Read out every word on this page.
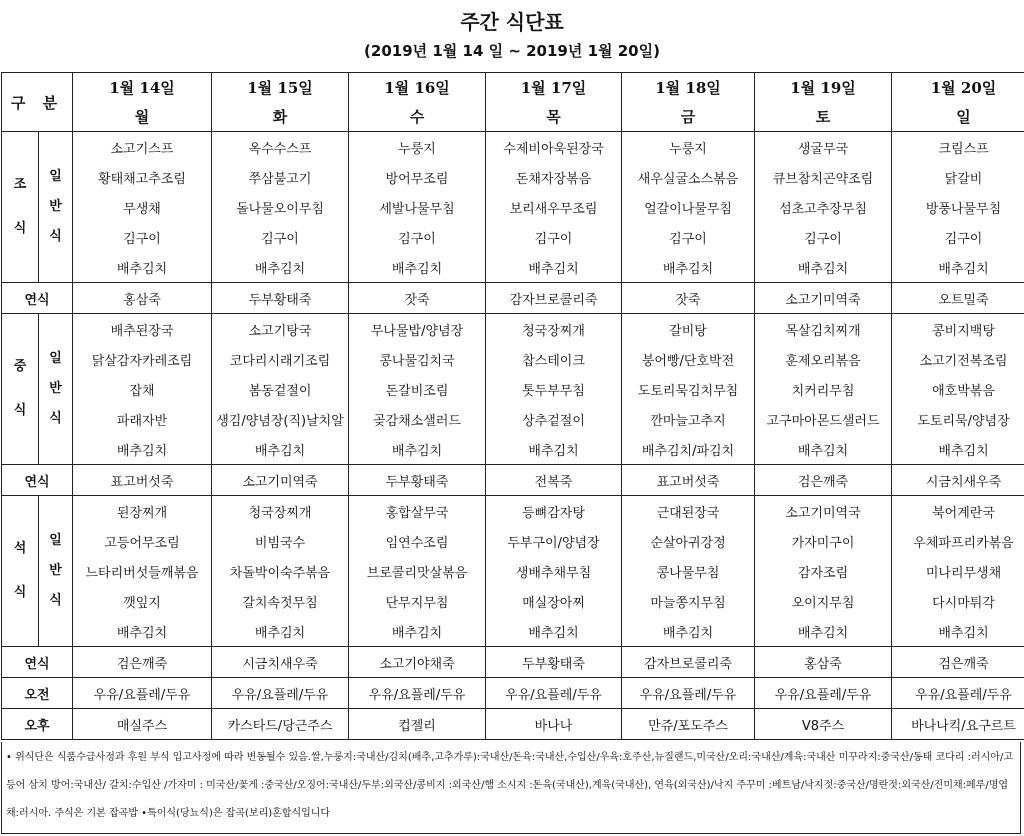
주간 식단표
(2019년 1월 14 일 ~ 2019년 1월 20일)
구 분		1월 14일	1월 15일	1월 16일	1월 17일	1월 18일	1월 19일	1월 20일
		월	화	수	목	금	토	일
조
식	일
반
식	소고기스프	옥수수스프	누룽지	수제비아욱된장국	누룽지	생굴무국	크림스프
		황태채고추조림	쭈삼불고기	방어무조림	돈채자장볶음	새우실굴소스볶음	큐브참치곤약조림	닭갈비
		무생채	돌나물오이무침	세발나물무침	보리새우무조림	얼갈이나물무침	섬초고추장무침	방풍나물무침
		김구이	김구이	김구이	김구이	김구이	김구이	김구이
		배추김치	배추김치	배추김치	배추김치	배추김치	배추김치	배추김치
연식		홍삼죽	두부황태죽	잣죽	감자브로콜리죽	잣죽	소고기미역죽	오트밀죽
중
식	일
반
식	배추된장국	소고기탕국	무나물밥/양념장	청국장찌개	갈비탕	목살김치찌개	콩비지백탕
		닭살감자카레조림	코다리시래기조림	콩나물김치국	찹스테이크	붕어빵/단호박전	훈제오리볶음	소고기전복조림
		잡채	봄동겉절이	돈갈비조림	톳두부무침	도토리묵김치무침	치커리무침	애호박볶음
		파래자반	생김/양념장(직)날치알	곶감채소샐러드	상추겉절이	깐마늘고추지	고구마아몬드샐러드	도토리묵/양념장
		배추김치	배추김치	배추김치	배추김치	배추김치/파김치	배추김치	배추김치
연식		표고버섯죽	소고기미역죽	두부황태죽	전복죽	표고버섯죽	검은깨죽	시금치새우죽
석
식	일
반
식	된장찌개	청국장찌개	홍합살무국	등뼈감자탕	근대된장국	소고기미역국	북어계란국
		고등어무조림	비빔국수	임연수조림	두부구이/양념장	순살아귀강정	가자미구이	우체파프리카볶음
		느타리버섯들깨볶음	차돌박이숙주볶음	브로콜리맛살볶음	생배추채무침	콩나물무침	감자조림	미나리무생채
		깻잎지	갈치속젓무침	단무지무침	매실장아찌	마늘쫑지무침	오이지무침	다시마튀각
		배추김치	배추김치	배추김치	배추김치	배추김치	배추김치	배추김치
연식		검은깨죽	시금치새우죽	소고기야채죽	두부황태죽	감자브로콜리죽	홍삼죽	검은깨죽
오전		우유/요플레/두유	우유/요플레/두유	우유/요플레/두유	우유/요플레/두유	우유/요플레/두유	우유/요플레/두유	우유/요플레/두유
오후		매실주스	카스타드/당근주스	컵젤리	바나나	만쥬/포도주스	V8주스	바나나킥/요구르트
• 위식단은 식품수급사정과 후원 부식 입고사정에 따라 변동될수 있음.쌀,누룽지:국내산/김치(배추,고추가루):국내산/돈육:국내산,수입산/우육:호주산,뉴질랜드,미국산/오리:국내산/계육:국내산 미꾸라지:중국산/동태 코다리 :러시아/고등어 삼치 방어:국내산/ 갈치:수입산 /가자미 : 미국산/꽃게 :중국산/오징어:국내산/두부:외국산/콩비지 :외국산/햄 소시지 :돈육(국내산),계육(국내산), 연육(외국산)/낙지 주꾸미 :베트남/낙지젓:중국산/명란젓:외국산/진미채:페루/명엽채:러시아. 주식은 기본 잡곡밥 •특이식(당뇨식)은 잡곡(보리)혼합식입니다
